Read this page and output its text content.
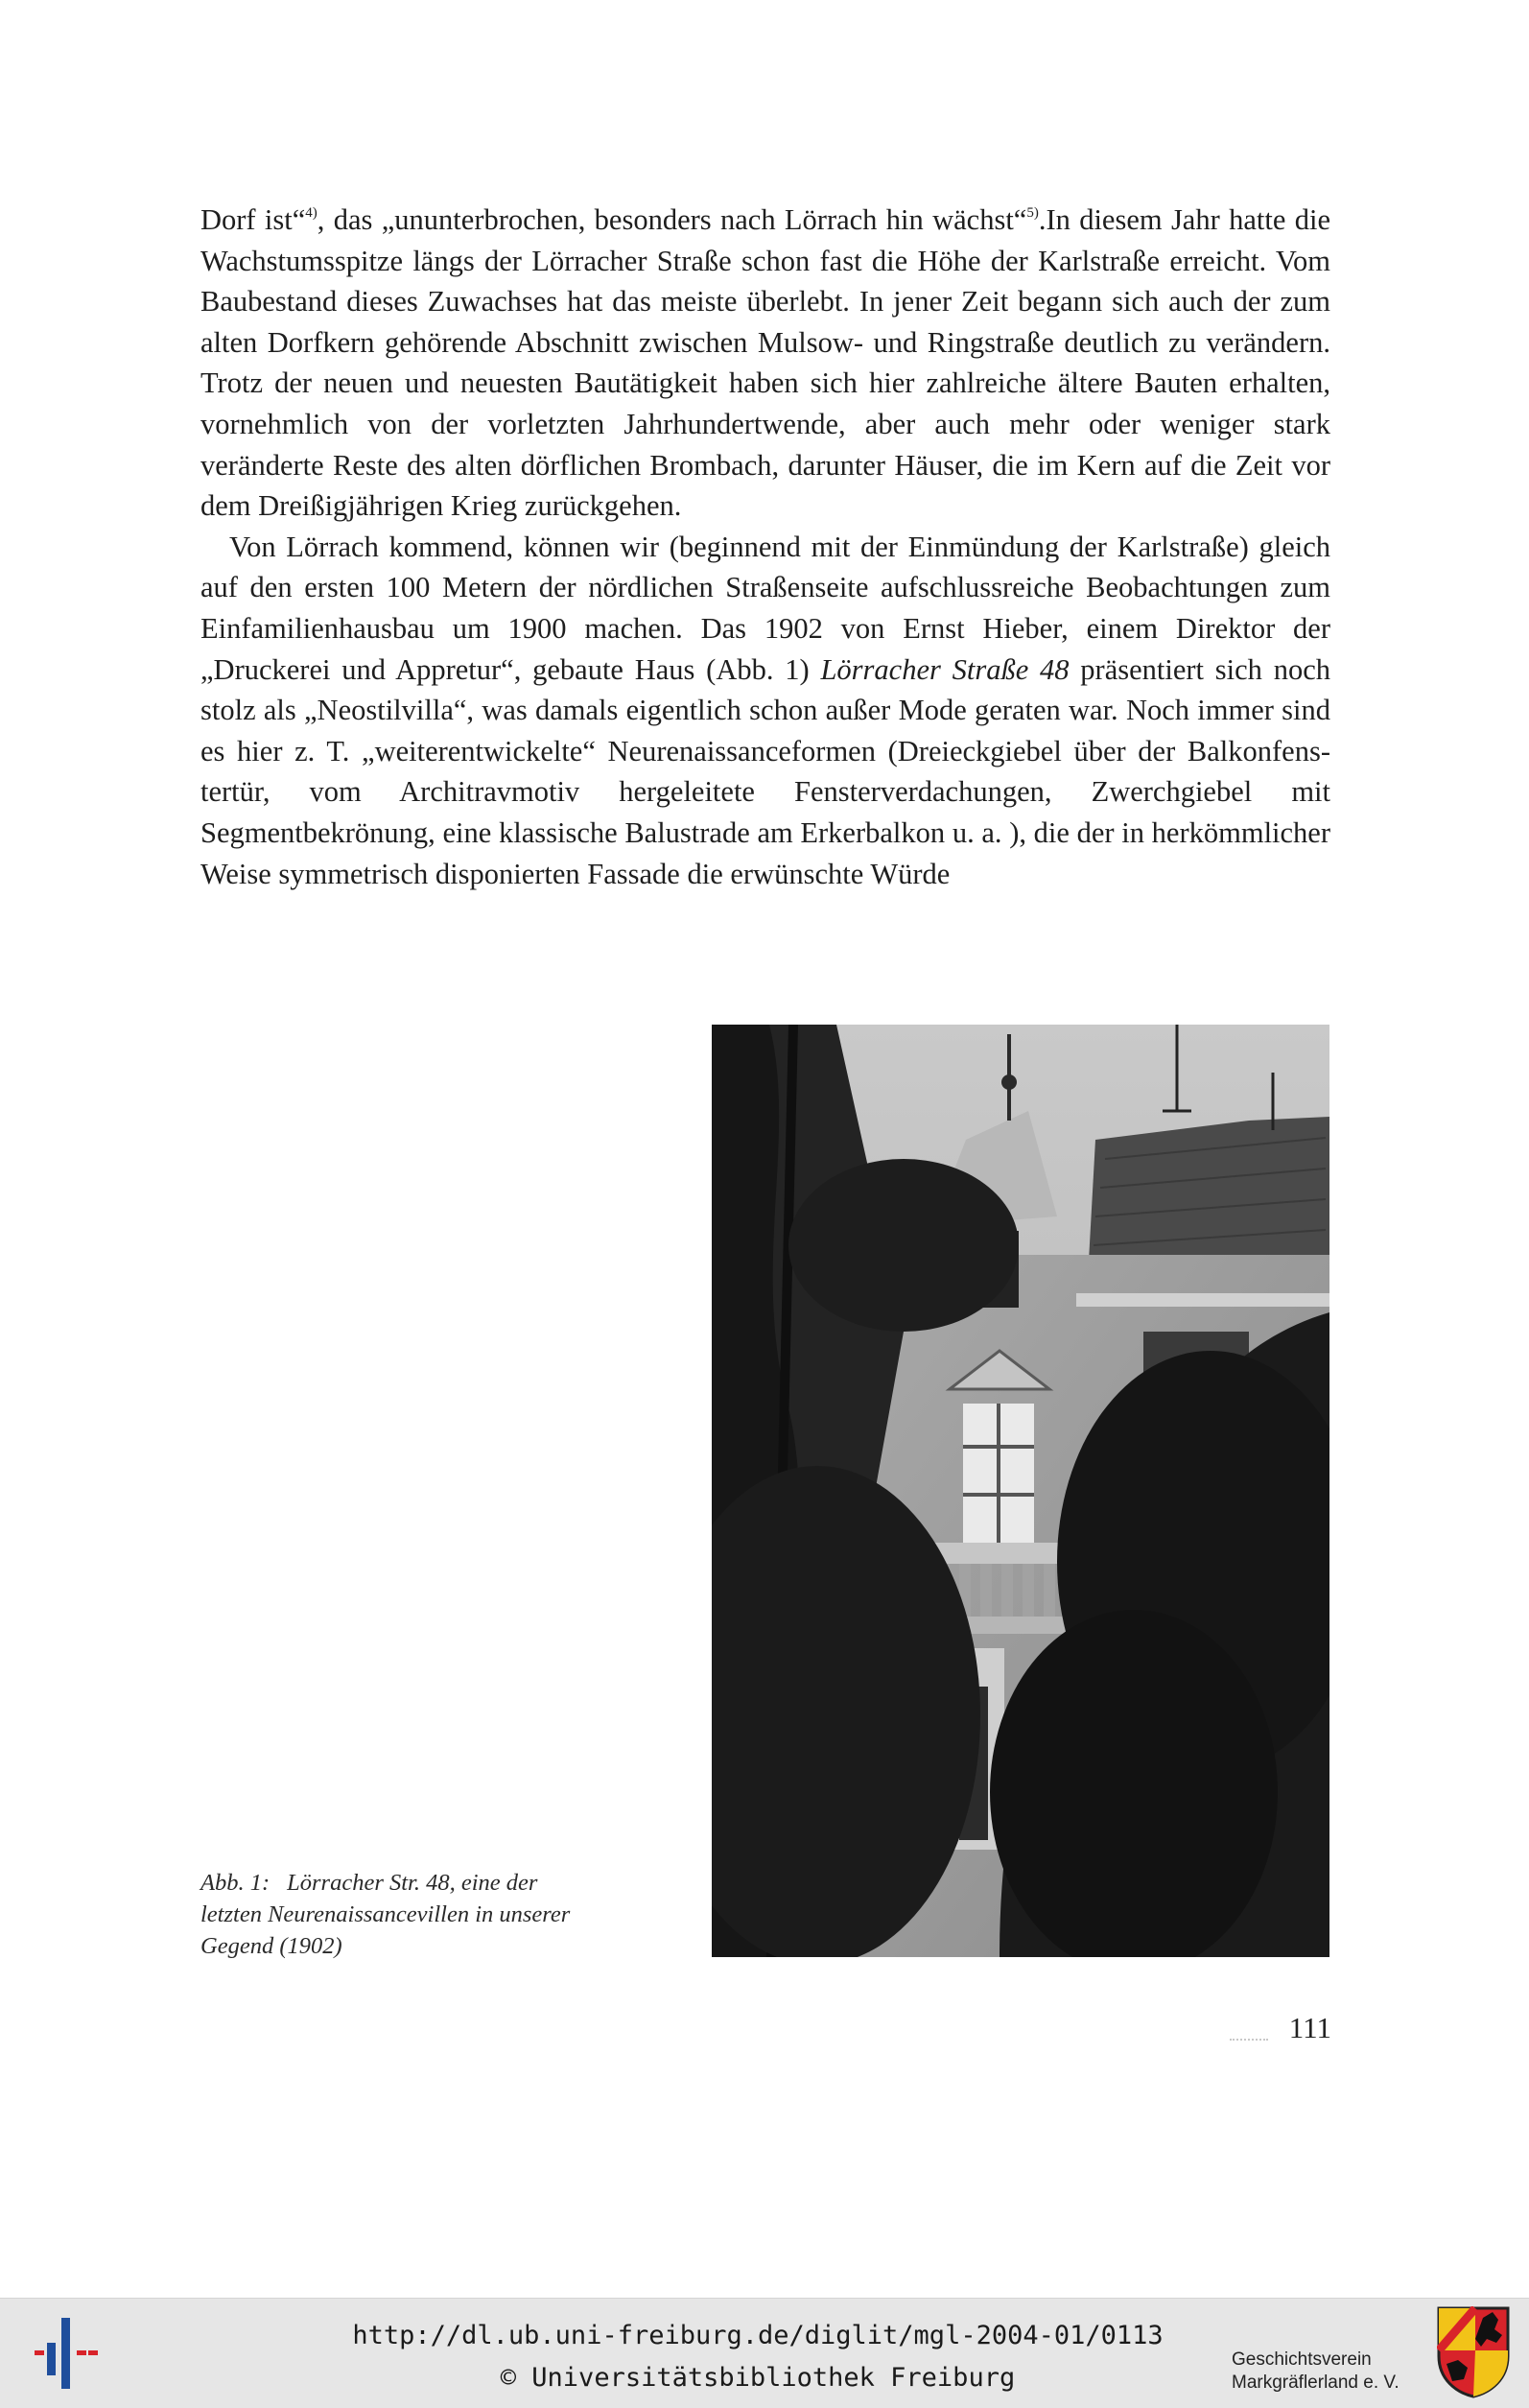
Dorf ist“$^{4)}$, das „ununterbrochen, besonders nach Lörrach hin wächst“$^{5)}$.In diesem Jahr hatte die Wachstumsspitze längs der Lörracher Straße schon fast die Höhe der Karlstraße erreicht. Vom Baubestand dieses Zuwachses hat das meiste überlebt. In jener Zeit begann sich auch der zum alten Dorfkern gehörende Abschnitt zwischen Mulsow- und Ringstraße deutlich zu verändern. Trotz der neuen und neuesten Bautätigkeit haben sich hier zahlreiche ältere Bauten erhalten, vornehmlich von der vorletzten Jahrhundertwende, aber auch mehr oder weniger stark veränderte Reste des alten dörflichen Brombach, darunter Häuser, die im Kern auf die Zeit vor dem Dreißigjährigen Krieg zurückgehen.

Von Lörrach kommend, können wir (beginnend mit der Einmündung der Karlstraße) gleich auf den ersten 100 Metern der nördlichen Straßenseite aufschlussreiche Beobachtungen zum Einfamilienhausbau um 1900 machen. Das 1902 von Ernst Hieber, einem Direktor der „Druckerei und Appretur“, gebaute Haus (Abb. 1) Lörracher Straße 48 präsentiert sich noch stolz als „Neostilvilla“, was damals eigentlich schon außer Mode geraten war. Noch immer sind es hier z. T. „weiterentwickelte“ Neurenaissanceformen (Dreieckgiebel über der Balkonfenstertür, vom Architravmotiv hergeleitete Fensterverdachungen, Zwerchgiebel mit Segmentbekrönung, eine klassische Balustrade am Erkerbalkon u. a. ), die der in herkömmlicher Weise symmetrisch disponierten Fassade die erwünschte Würde

Abb. 1: Lörracher Str. 48, eine der letzten Neurenaissancevillen in unserer Gegend (1902)
111
http://dl.ub.uni-freiburg.de/diglit/mgl-2004-01/0113
© Universitätsbibliothek Freiburg
Geschichtsverein
Markgräflerland e. V.
